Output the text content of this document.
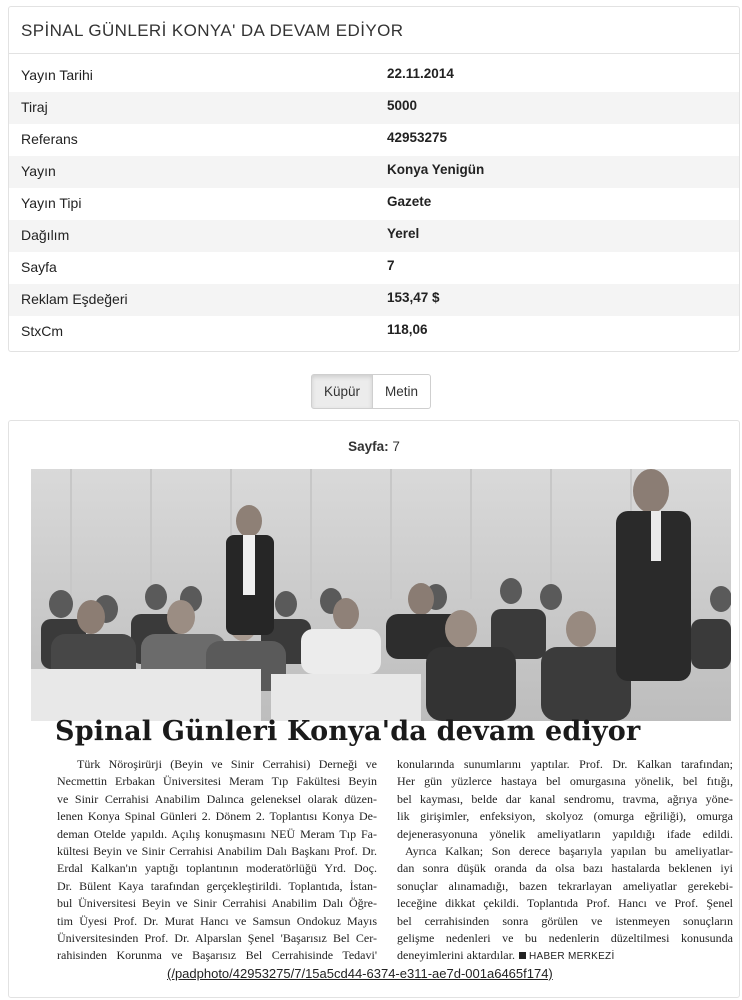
SPİNAL GÜNLERİ KONYA' DA DEVAM EDİYOR
Yayın Tarihi	22.11.2014
Tiraj	5000
Referans	42953275
Yayın	Konya Yenigün
Yayın Tipi	Gazete
Dağılım	Yerel
Sayfa	7
Reklam Eşdeğeri	153,47 $
StxCm	118,06
Küpür	Metin
Sayfa: 7
Spinal Günleri Konya'da devam ediyor
Türk Nöroşirürji (Beyin ve Sinir Cerrahisi) Derneği ve
Necmettin Erbakan Üniversitesi Meram Tıp Fakültesi Beyin
ve Sinir Cerrahisi Anabilim Dalınca geleneksel olarak düzen-
lenen Konya Spinal Günleri 2. Dönem 2. Toplantısı Konya De-
deman Otelde yapıldı. Açılış konuşmasını NEÜ Meram Tıp Fa-
kültesi Beyin ve Sinir Cerrahisi Anabilim Dalı Başkanı Prof. Dr.
Erdal Kalkan'ın yaptığı toplantının moderatörlüğü Yrd. Doç.
Dr. Bülent Kaya tarafından gerçekleştirildi. Toplantıda, İstan-
bul Üniversitesi Beyin ve Sinir Cerrahisi Anabilim Dalı Öğre-
tim Üyesi Prof. Dr. Murat Hancı ve Samsun Ondokuz Mayıs
Üniversitesinden Prof. Dr. Alparslan Şenel 'Başarısız Bel Cer-
rahisinden Korunma ve Başarısız Bel Cerrahisinde Tedavi'
konularında sunumlarını yaptılar. Prof. Dr. Kalkan tarafından;
Her gün yüzlerce hastaya bel omurgasına yönelik, bel fıtığı,
bel kayması, belde dar kanal sendromu, travma, ağrıya yöne-
lik girişimler, enfeksiyon, skolyoz (omurga eğriliği), omurga
dejenerasyonuna yönelik ameliyatların yapıldığı ifade edildi.
Ayrıca Kalkan; Son derece başarıyla yapılan bu ameliyatlar-
dan sonra düşük oranda da olsa bazı hastalarda beklenen iyi
sonuçlar alınamadığı, bazen tekrarlayan ameliyatlar gerekebi-
leceğine dikkat çekildi. Toplantıda Prof. Hancı ve Prof. Şenel
bel cerrahisinden sonra görülen ve istenmeyen sonuçların
gelişme nedenleri ve bu nedenlerin düzeltilmesi konusunda
deneyimlerini aktardılar. HABER MERKEZİ
(/padphoto/42953275/7/15a5cd44-6374-e311-ae7d-001a6465f174)
